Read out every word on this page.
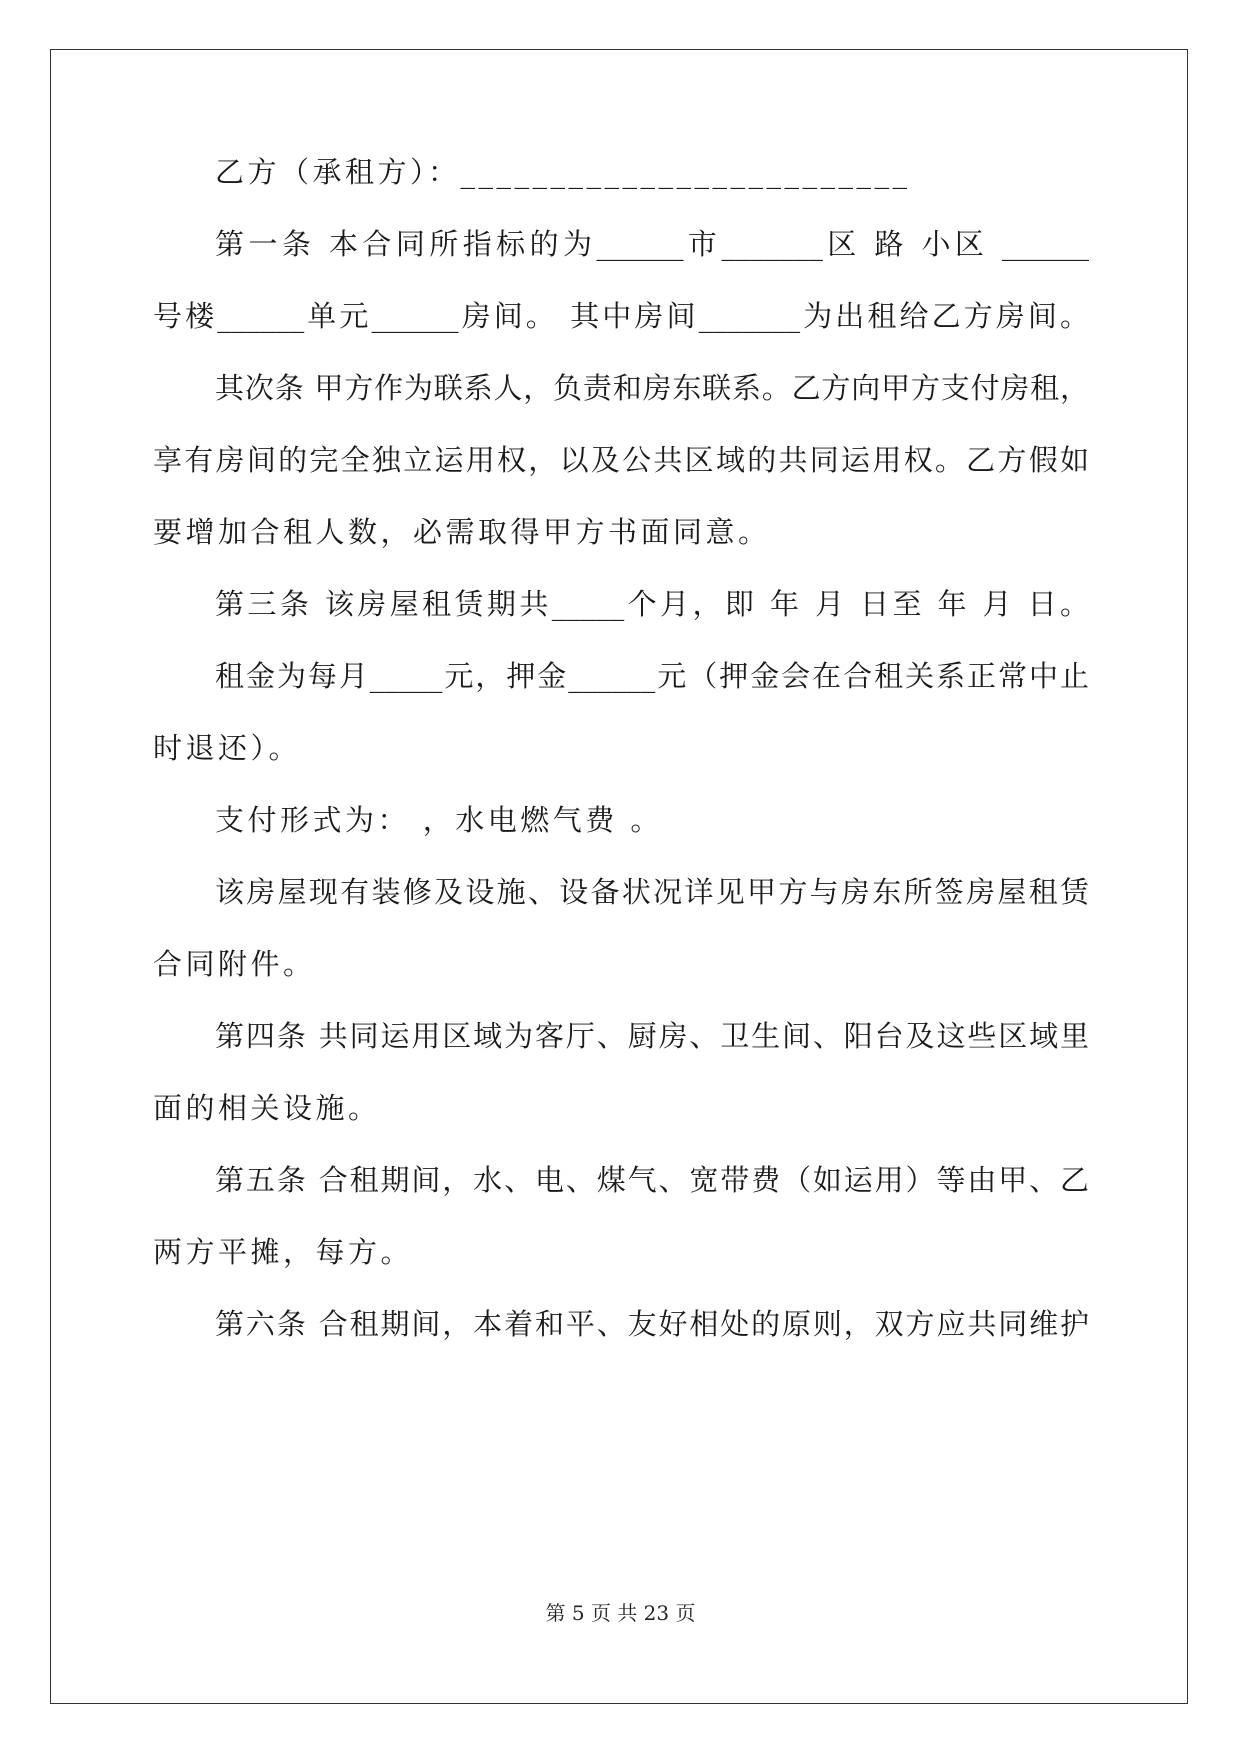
乙方（承租方）：_________________________
第一条 本合同所指标的为______市_______区 路 小区 ______
号楼______单元______房间。 其中房间_______为出租给乙方房间。
其次条 甲方作为联系人，负责和房东联系。乙方向甲方支付房租，
享有房间的完全独立运用权，以及公共区域的共同运用权。乙方假如
要增加合租人数，必需取得甲方书面同意。
第三条 该房屋租赁期共_____个月，即 年 月 日至 年 月 日。
租金为每月_____元，押金______元（押金会在合租关系正常中止
时退还）。
支付形式为： ，水电燃气费 。
该房屋现有装修及设施、设备状况详见甲方与房东所签房屋租赁
合同附件。
第四条 共同运用区域为客厅、厨房、卫生间、阳台及这些区域里
面的相关设施。
第五条 合租期间，水、电、煤气、宽带费（如运用）等由甲、乙
两方平摊，每方。
第六条 合租期间，本着和平、友好相处的原则，双方应共同维护
第 5 页 共 23 页
